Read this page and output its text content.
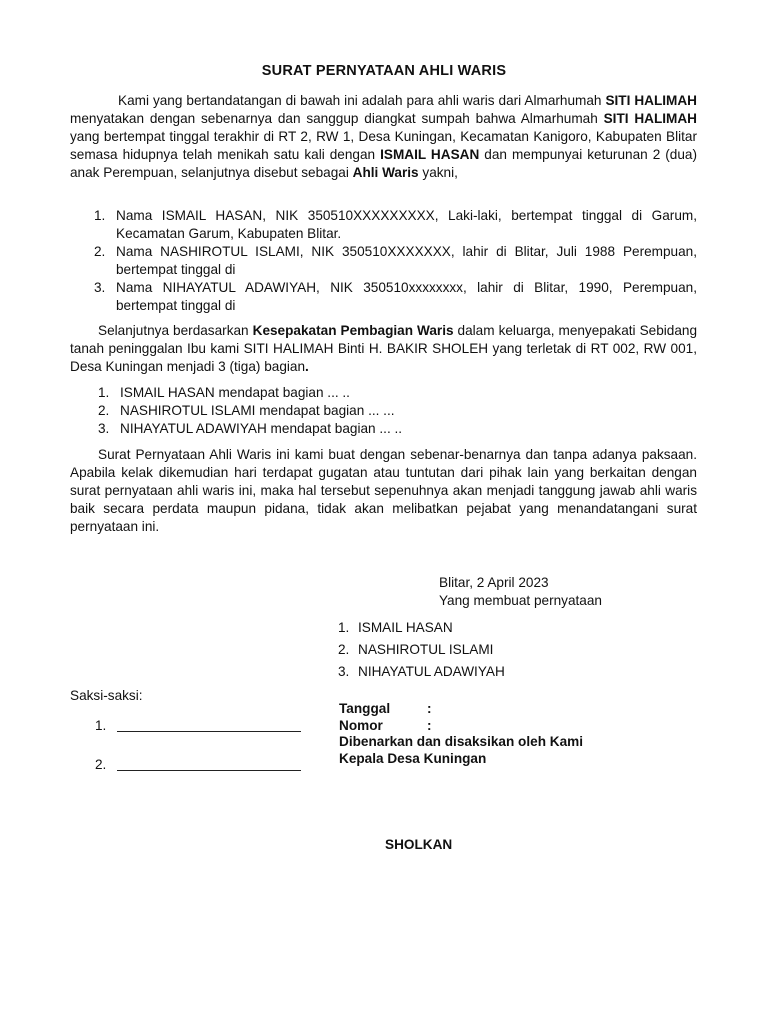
SURAT PERNYATAAN AHLI WARIS
Kami yang bertandatangan di bawah ini adalah para ahli waris dari Almarhumah SITI HALIMAH menyatakan dengan sebenarnya dan sanggup diangkat sumpah bahwa Almarhumah SITI HALIMAH yang bertempat tinggal terakhir di RT 2, RW 1, Desa Kuningan, Kecamatan Kanigoro, Kabupaten Blitar semasa hidupnya telah menikah satu kali dengan ISMAIL HASAN dan mempunyai keturunan 2 (dua) anak Perempuan, selanjutnya disebut sebagai Ahli Waris yakni,
1. Nama ISMAIL HASAN, NIK 350510XXXXXXXXX, Laki-laki, bertempat tinggal di Garum, Kecamatan Garum, Kabupaten Blitar.
2. Nama NASHIROTUL ISLAMI, NIK 350510XXXXXXX, lahir di Blitar, Juli 1988 Perempuan, bertempat tinggal di
3. Nama NIHAYATUL ADAWIYAH, NIK 350510xxxxxxxx, lahir di Blitar, 1990, Perempuan, bertempat tinggal di
Selanjutnya berdasarkan Kesepakatan Pembagian Waris dalam keluarga, menyepakati Sebidang tanah peninggalan Ibu kami SITI HALIMAH Binti H. BAKIR SHOLEH yang terletak di RT 002, RW 001, Desa Kuningan menjadi 3 (tiga) bagian.
1. ISMAIL HASAN mendapat bagian ... ..
2. NASHIROTUL ISLAMI mendapat bagian ... ...
3. NIHAYATUL ADAWIYAH mendapat bagian ... ..
Surat Pernyataan Ahli Waris ini kami buat dengan sebenar-benarnya dan tanpa adanya paksaan. Apabila kelak dikemudian hari terdapat gugatan atau tuntutan dari pihak lain yang berkaitan dengan surat pernyataan ahli waris ini, maka hal tersebut sepenuhnya akan menjadi tanggung jawab ahli waris baik secara perdata maupun pidana, tidak akan melibatkan pejabat yang menandatangani surat pernyataan ini.
Blitar, 2 April 2023
Yang membuat pernyataan
1. ISMAIL HASAN
2. NASHIROTUL ISLAMI
3. NIHAYATUL ADAWIYAH
Saksi-saksi:
1.
2.
Tanggal	:
Nomor	:
Dibenarkan dan disaksikan oleh Kami
Kepala Desa Kuningan
SHOLKAN
